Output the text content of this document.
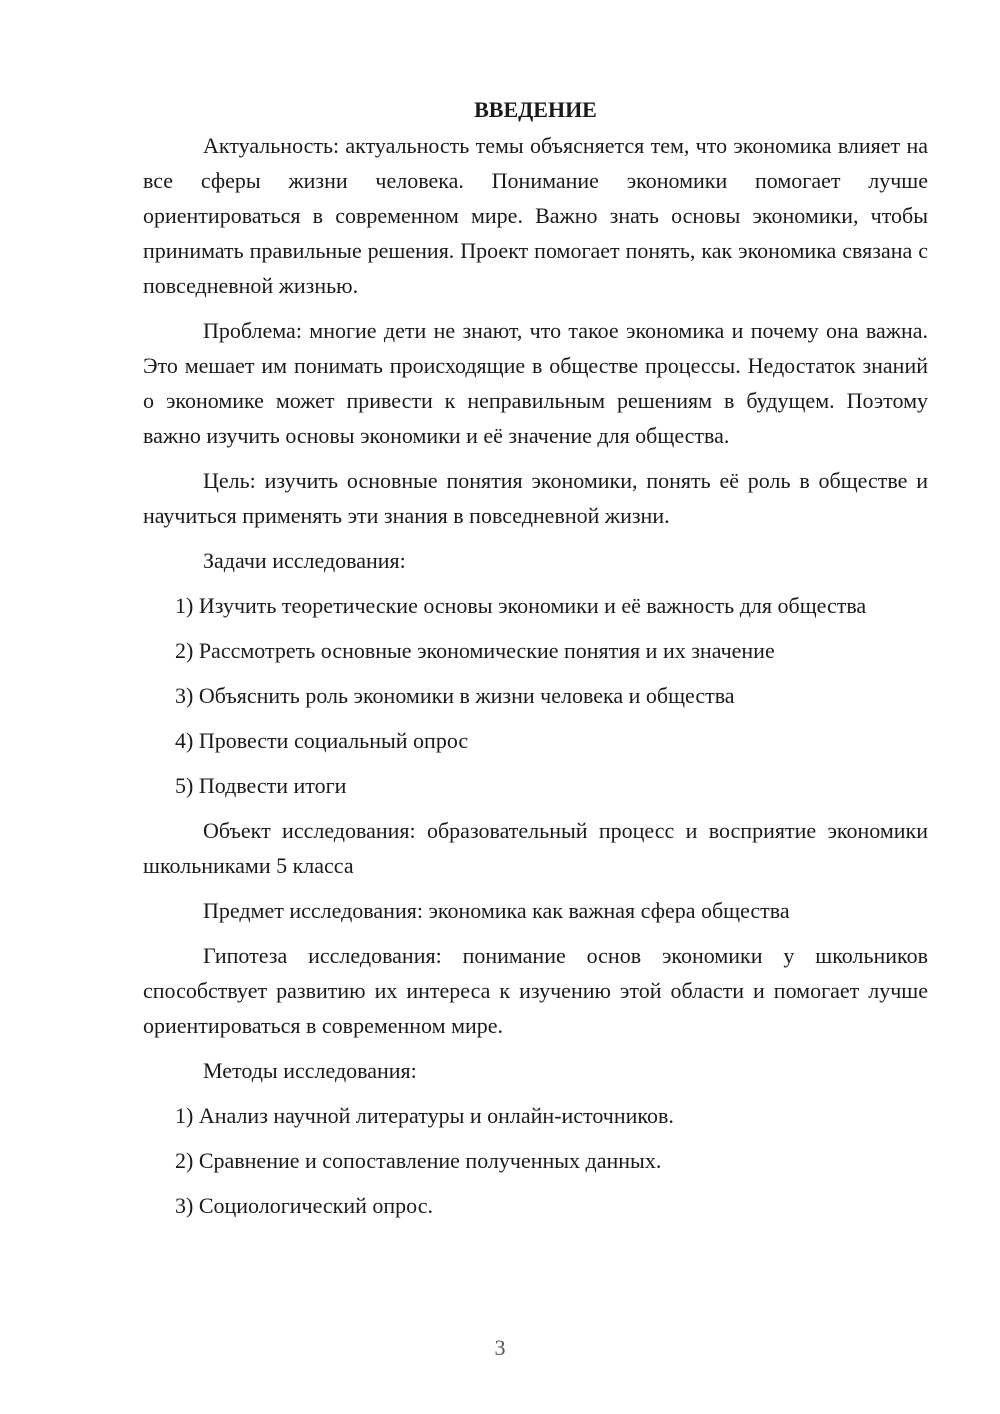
ВВЕДЕНИЕ
Актуальность: актуальность темы объясняется тем, что экономика влияет на все сферы жизни человека. Понимание экономики помогает лучше ориентироваться в современном мире. Важно знать основы экономики, чтобы принимать правильные решения. Проект помогает понять, как экономика связана с повседневной жизнью.
Проблема: многие дети не знают, что такое экономика и почему она важна. Это мешает им понимать происходящие в обществе процессы. Недостаток знаний о экономике может привести к неправильным решениям в будущем. Поэтому важно изучить основы экономики и её значение для общества.
Цель: изучить основные понятия экономики, понять её роль в обществе и научиться применять эти знания в повседневной жизни.
Задачи исследования:
1) Изучить теоретические основы экономики и её важность для общества
2) Рассмотреть основные экономические понятия и их значение
3) Объяснить роль экономики в жизни человека и общества
4) Провести социальный опрос
5) Подвести итоги
Объект исследования: образовательный процесс и восприятие экономики школьниками 5 класса
Предмет исследования: экономика как важная сфера общества
Гипотеза исследования: понимание основ экономики у школьников способствует развитию их интереса к изучению этой области и помогает лучше ориентироваться в современном мире.
Методы исследования:
1) Анализ научной литературы и онлайн-источников.
2) Сравнение и сопоставление полученных данных.
3) Социологический опрос.
3
